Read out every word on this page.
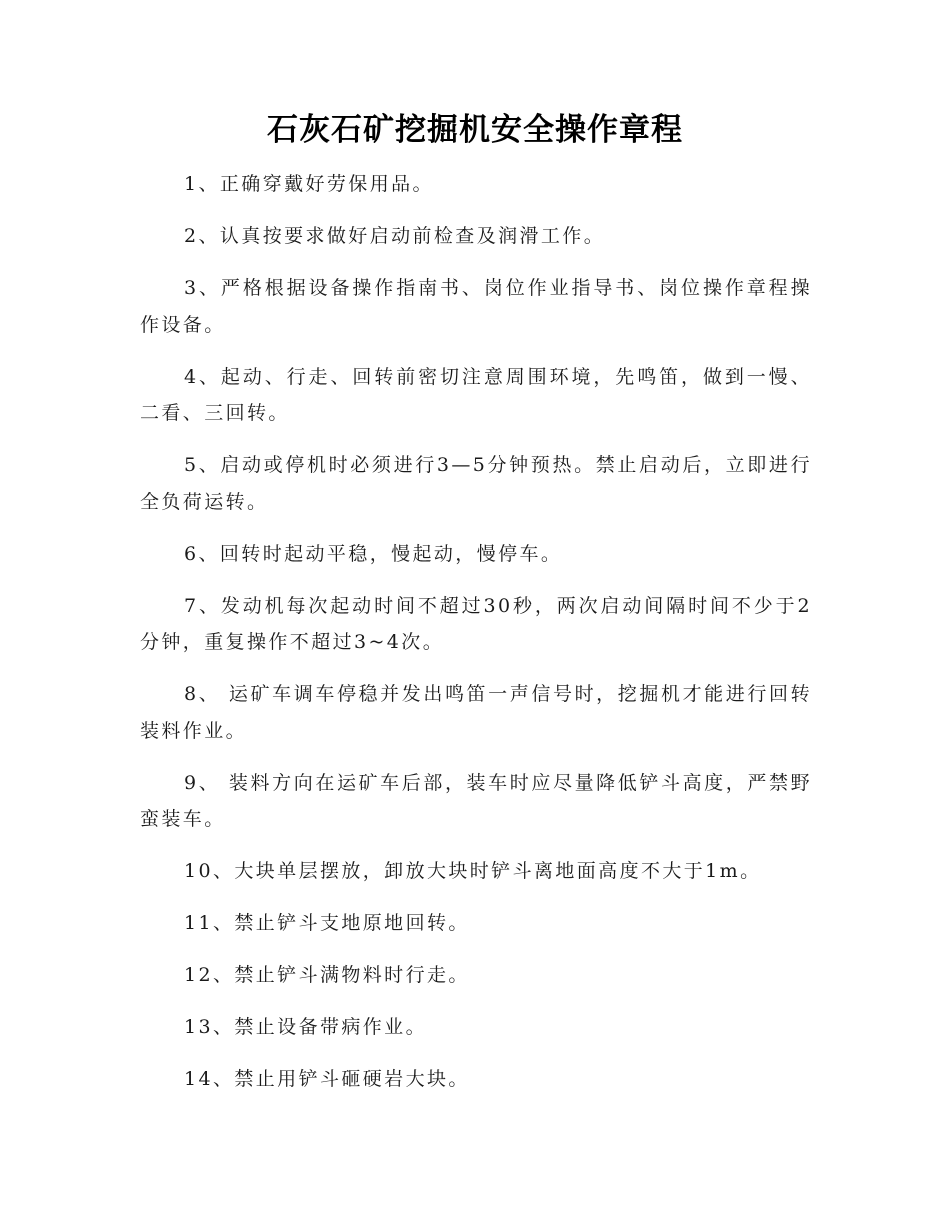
石灰石矿挖掘机安全操作章程

1、正确穿戴好劳保用品。

2、认真按要求做好启动前检查及润滑工作。

3、严格根据设备操作指南书、岗位作业指导书、岗位操作章程操作设备。

4、起动、行走、回转前密切注意周围环境，先鸣笛，做到一慢、二看、三回转。

5、启动或停机时必须进行3—5分钟预热。禁止启动后，立即进行全负荷运转。

6、回转时起动平稳，慢起动，慢停车。

7、发动机每次起动时间不超过30秒，两次启动间隔时间不少于2分钟，重复操作不超过3~4次。

8、 运矿车调车停稳并发出鸣笛一声信号时，挖掘机才能进行回转装料作业。

9、 装料方向在运矿车后部，装车时应尽量降低铲斗高度，严禁野蛮装车。

10、大块单层摆放，卸放大块时铲斗离地面高度不大于1m。

11、禁止铲斗支地原地回转。

12、禁止铲斗满物料时行走。

13、禁止设备带病作业。

14、禁止用铲斗砸硬岩大块。
